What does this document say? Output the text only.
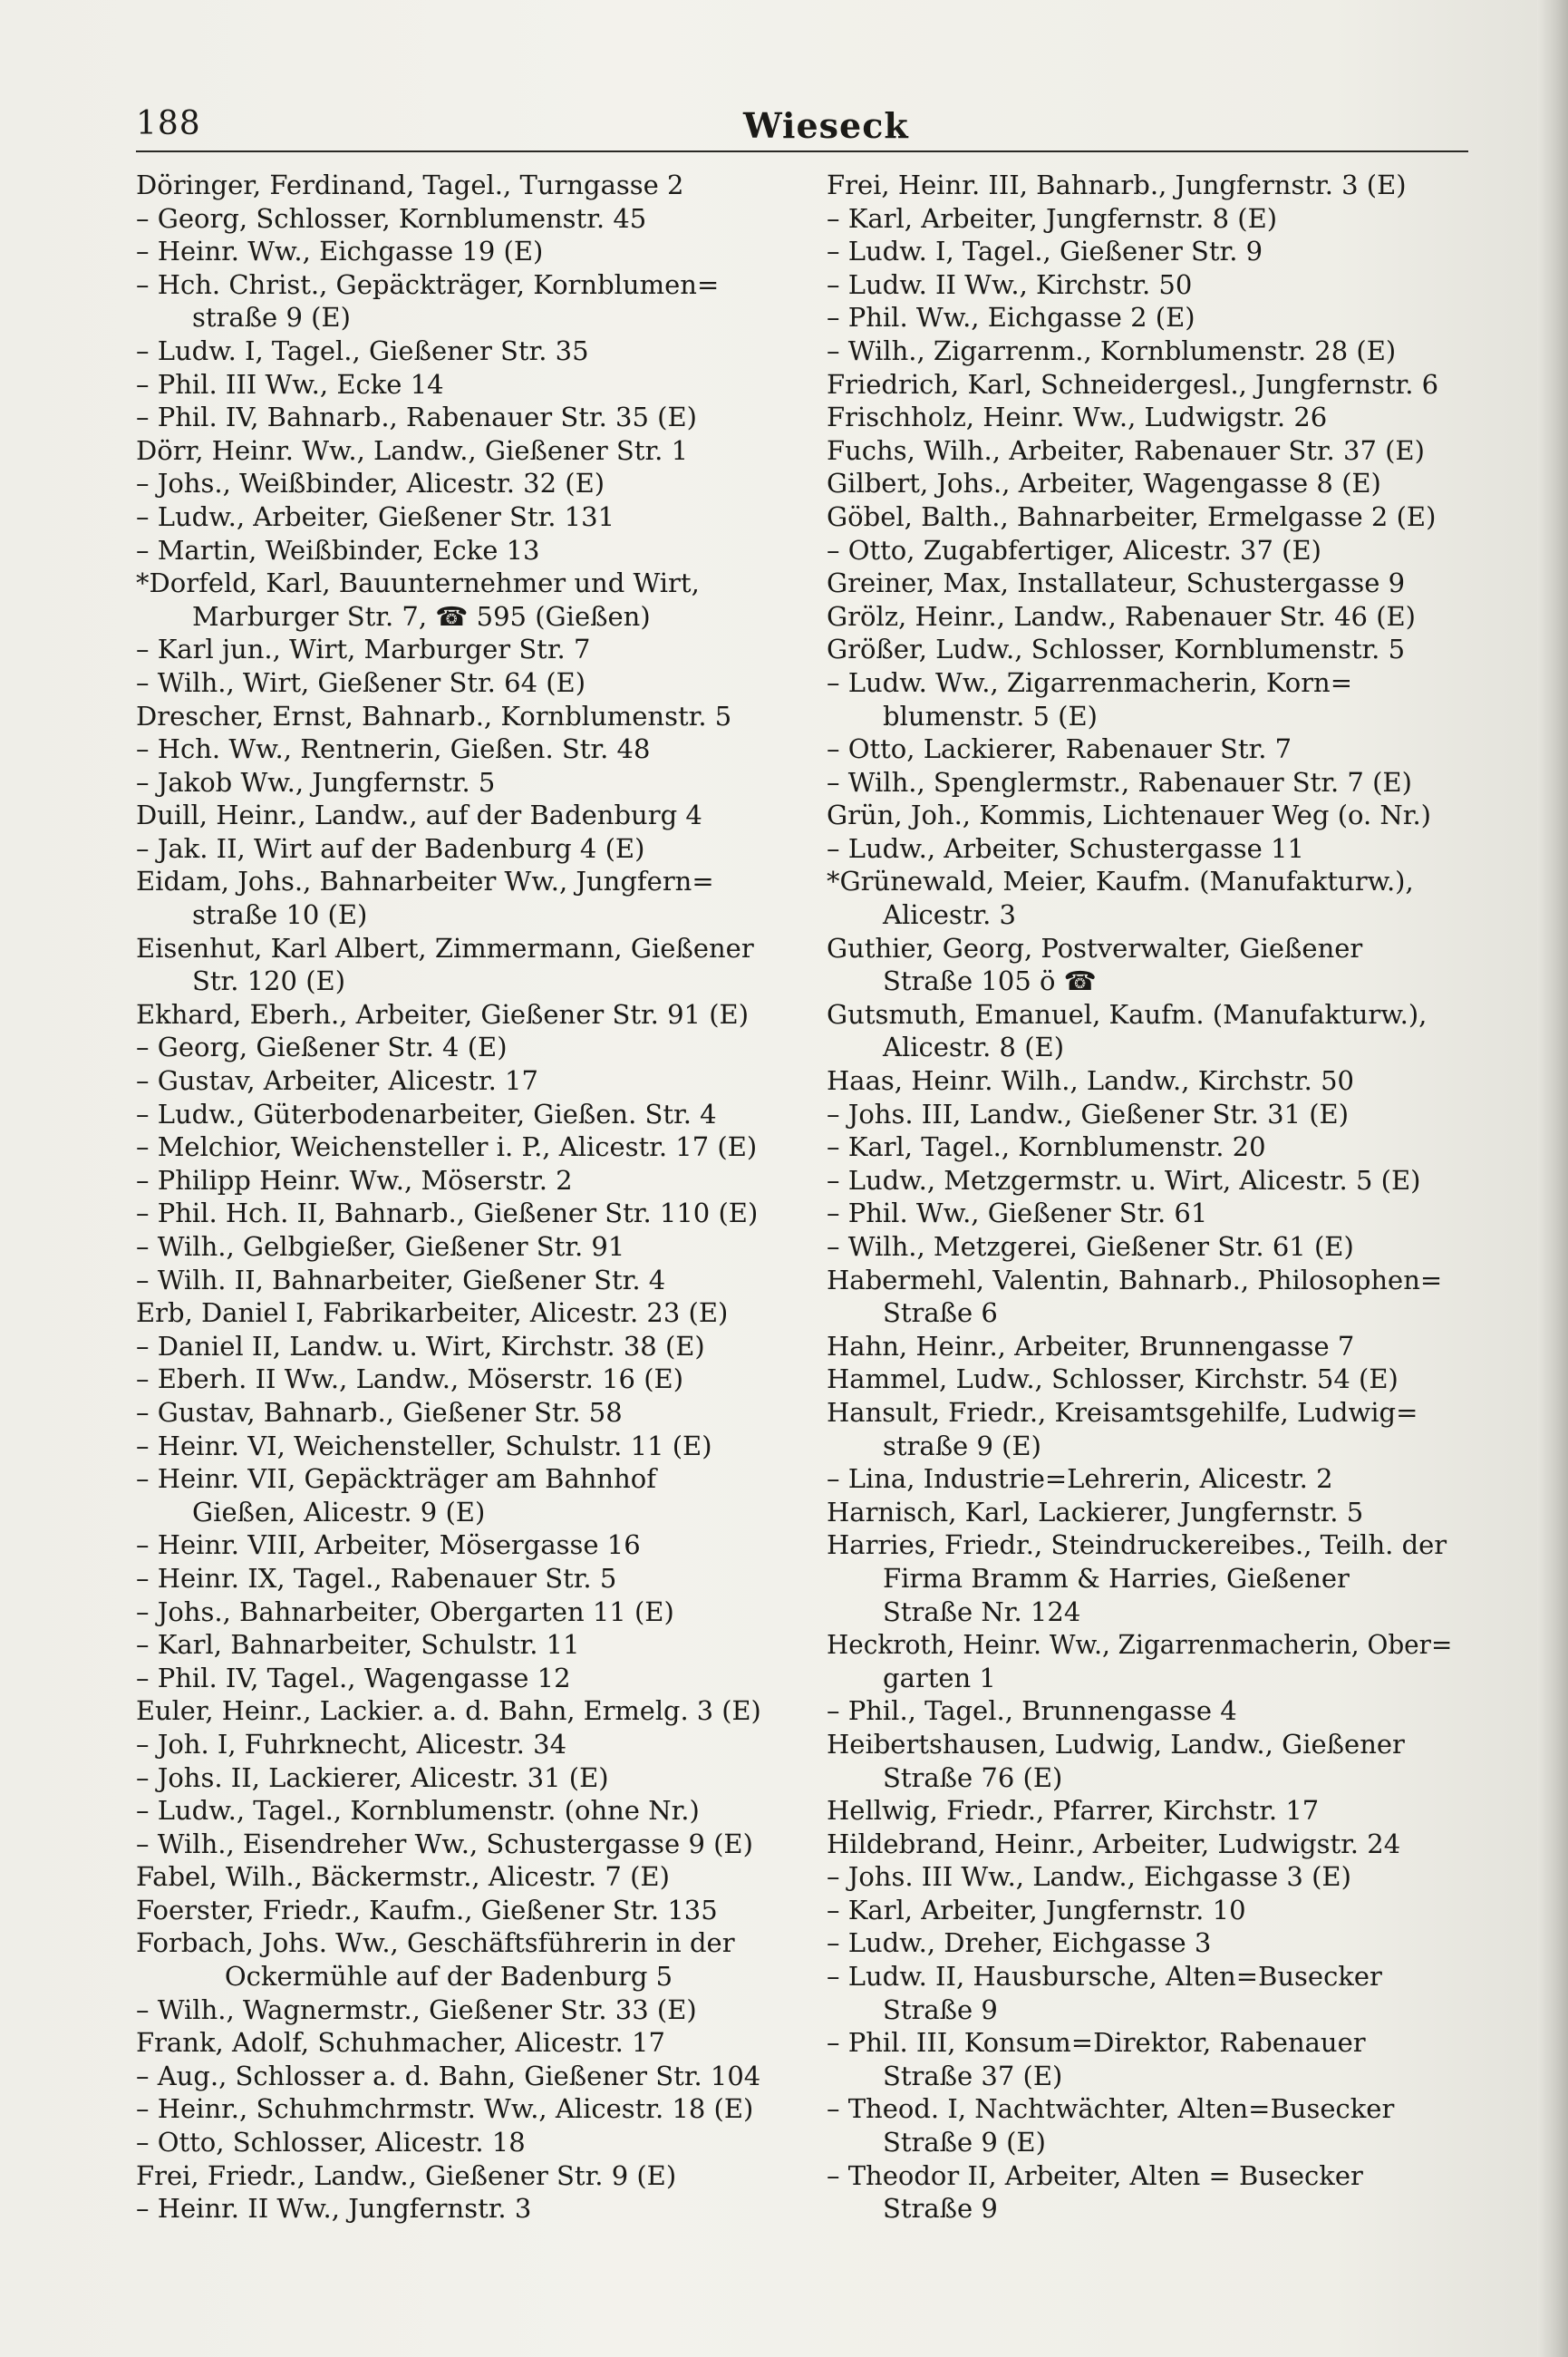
188	Wieseck
Döringer, Ferdinand, Tagel., Turngasse 2
– Georg, Schlosser, Kornblumenstr. 45
– Heinr. Ww., Eichgasse 19 (E)
– Hch. Christ., Gepäckträger, Kornblumen=
straße 9 (E)
– Ludw. I, Tagel., Gießener Str. 35
– Phil. III Ww., Ecke 14
– Phil. IV, Bahnarb., Rabenauer Str. 35 (E)
Dörr, Heinr. Ww., Landw., Gießener Str. 1
– Johs., Weißbinder, Alicestr. 32 (E)
– Ludw., Arbeiter, Gießener Str. 131
– Martin, Weißbinder, Ecke 13
*Dorfeld, Karl, Bauunternehmer und Wirt,
Marburger Str. 7, ☎ 595 (Gießen)
– Karl jun., Wirt, Marburger Str. 7
– Wilh., Wirt, Gießener Str. 64 (E)
Drescher, Ernst, Bahnarb., Kornblumenstr. 5
– Hch. Ww., Rentnerin, Gießen. Str. 48
– Jakob Ww., Jungfernstr. 5
Duill, Heinr., Landw., auf der Badenburg 4
– Jak. II, Wirt auf der Badenburg 4 (E)
Eidam, Johs., Bahnarbeiter Ww., Jungfern=
straße 10 (E)
Eisenhut, Karl Albert, Zimmermann, Gießener
Str. 120 (E)
Ekhard, Eberh., Arbeiter, Gießener Str. 91 (E)
– Georg, Gießener Str. 4 (E)
– Gustav, Arbeiter, Alicestr. 17
– Ludw., Güterbodenarbeiter, Gießen. Str. 4
– Melchior, Weichensteller i. P., Alicestr. 17 (E)
– Philipp Heinr. Ww., Möserstr. 2
– Phil. Hch. II, Bahnarb., Gießener Str. 110 (E)
– Wilh., Gelbgießer, Gießener Str. 91
– Wilh. II, Bahnarbeiter, Gießener Str. 4
Erb, Daniel I, Fabrikarbeiter, Alicestr. 23 (E)
– Daniel II, Landw. u. Wirt, Kirchstr. 38 (E)
– Eberh. II Ww., Landw., Möserstr. 16 (E)
– Gustav, Bahnarb., Gießener Str. 58
– Heinr. VI, Weichensteller, Schulstr. 11 (E)
– Heinr. VII, Gepäckträger am Bahnhof
Gießen, Alicestr. 9 (E)
– Heinr. VIII, Arbeiter, Mösergasse 16
– Heinr. IX, Tagel., Rabenauer Str. 5
– Johs., Bahnarbeiter, Obergarten 11 (E)
– Karl, Bahnarbeiter, Schulstr. 11
– Phil. IV, Tagel., Wagengasse 12
Euler, Heinr., Lackier. a. d. Bahn, Ermelg. 3 (E)
– Joh. I, Fuhrknecht, Alicestr. 34
– Johs. II, Lackierer, Alicestr. 31 (E)
– Ludw., Tagel., Kornblumenstr. (ohne Nr.)
– Wilh., Eisendreher Ww., Schustergasse 9 (E)
Fabel, Wilh., Bäckermstr., Alicestr. 7 (E)
Foerster, Friedr., Kaufm., Gießener Str. 135
Forbach, Johs. Ww., Geschäftsführerin in der
Ockermühle auf der Badenburg 5
– Wilh., Wagnermstr., Gießener Str. 33 (E)
Frank, Adolf, Schuhmacher, Alicestr. 17
– Aug., Schlosser a. d. Bahn, Gießener Str. 104
– Heinr., Schuhmchrmstr. Ww., Alicestr. 18 (E)
– Otto, Schlosser, Alicestr. 18
Frei, Friedr., Landw., Gießener Str. 9 (E)
– Heinr. II Ww., Jungfernstr. 3
Frei, Heinr. III, Bahnarb., Jungfernstr. 3 (E)
– Karl, Arbeiter, Jungfernstr. 8 (E)
– Ludw. I, Tagel., Gießener Str. 9
– Ludw. II Ww., Kirchstr. 50
– Phil. Ww., Eichgasse 2 (E)
– Wilh., Zigarrenm., Kornblumenstr. 28 (E)
Friedrich, Karl, Schneidergesl., Jungfernstr. 6
Frischholz, Heinr. Ww., Ludwigstr. 26
Fuchs, Wilh., Arbeiter, Rabenauer Str. 37 (E)
Gilbert, Johs., Arbeiter, Wagengasse 8 (E)
Göbel, Balth., Bahnarbeiter, Ermelgasse 2 (E)
– Otto, Zugabfertiger, Alicestr. 37 (E)
Greiner, Max, Installateur, Schustergasse 9
Grölz, Heinr., Landw., Rabenauer Str. 46 (E)
Größer, Ludw., Schlosser, Kornblumenstr. 5
– Ludw. Ww., Zigarrenmacherin, Korn=
blumenstr. 5 (E)
– Otto, Lackierer, Rabenauer Str. 7
– Wilh., Spenglermstr., Rabenauer Str. 7 (E)
Grün, Joh., Kommis, Lichtenauer Weg (o. Nr.)
– Ludw., Arbeiter, Schustergasse 11
*Grünewald, Meier, Kaufm. (Manufakturw.),
Alicestr. 3
Guthier, Georg, Postverwalter, Gießener
Straße 105 ö ☎
Gutsmuth, Emanuel, Kaufm. (Manufakturw.),
Alicestr. 8 (E)
Haas, Heinr. Wilh., Landw., Kirchstr. 50
– Johs. III, Landw., Gießener Str. 31 (E)
– Karl, Tagel., Kornblumenstr. 20
– Ludw., Metzgermstr. u. Wirt, Alicestr. 5 (E)
– Phil. Ww., Gießener Str. 61
– Wilh., Metzgerei, Gießener Str. 61 (E)
Habermehl, Valentin, Bahnarb., Philosophen=
Straße 6
Hahn, Heinr., Arbeiter, Brunnengasse 7
Hammel, Ludw., Schlosser, Kirchstr. 54 (E)
Hansult, Friedr., Kreisamtsgehilfe, Ludwig=
straße 9 (E)
– Lina, Industrie=Lehrerin, Alicestr. 2
Harnisch, Karl, Lackierer, Jungfernstr. 5
Harries, Friedr., Steindruckereibes., Teilh. der
Firma Bramm & Harries, Gießener
Straße Nr. 124
Heckroth, Heinr. Ww., Zigarrenmacherin, Ober=
garten 1
– Phil., Tagel., Brunnengasse 4
Heibertshausen, Ludwig, Landw., Gießener
Straße 76 (E)
Hellwig, Friedr., Pfarrer, Kirchstr. 17
Hildebrand, Heinr., Arbeiter, Ludwigstr. 24
– Johs. III Ww., Landw., Eichgasse 3 (E)
– Karl, Arbeiter, Jungfernstr. 10
– Ludw., Dreher, Eichgasse 3
– Ludw. II, Hausbursche, Alten=Busecker
Straße 9
– Phil. III, Konsum=Direktor, Rabenauer
Straße 37 (E)
– Theod. I, Nachtwächter, Alten=Busecker
Straße 9 (E)
– Theodor II, Arbeiter, Alten = Busecker
Straße 9
